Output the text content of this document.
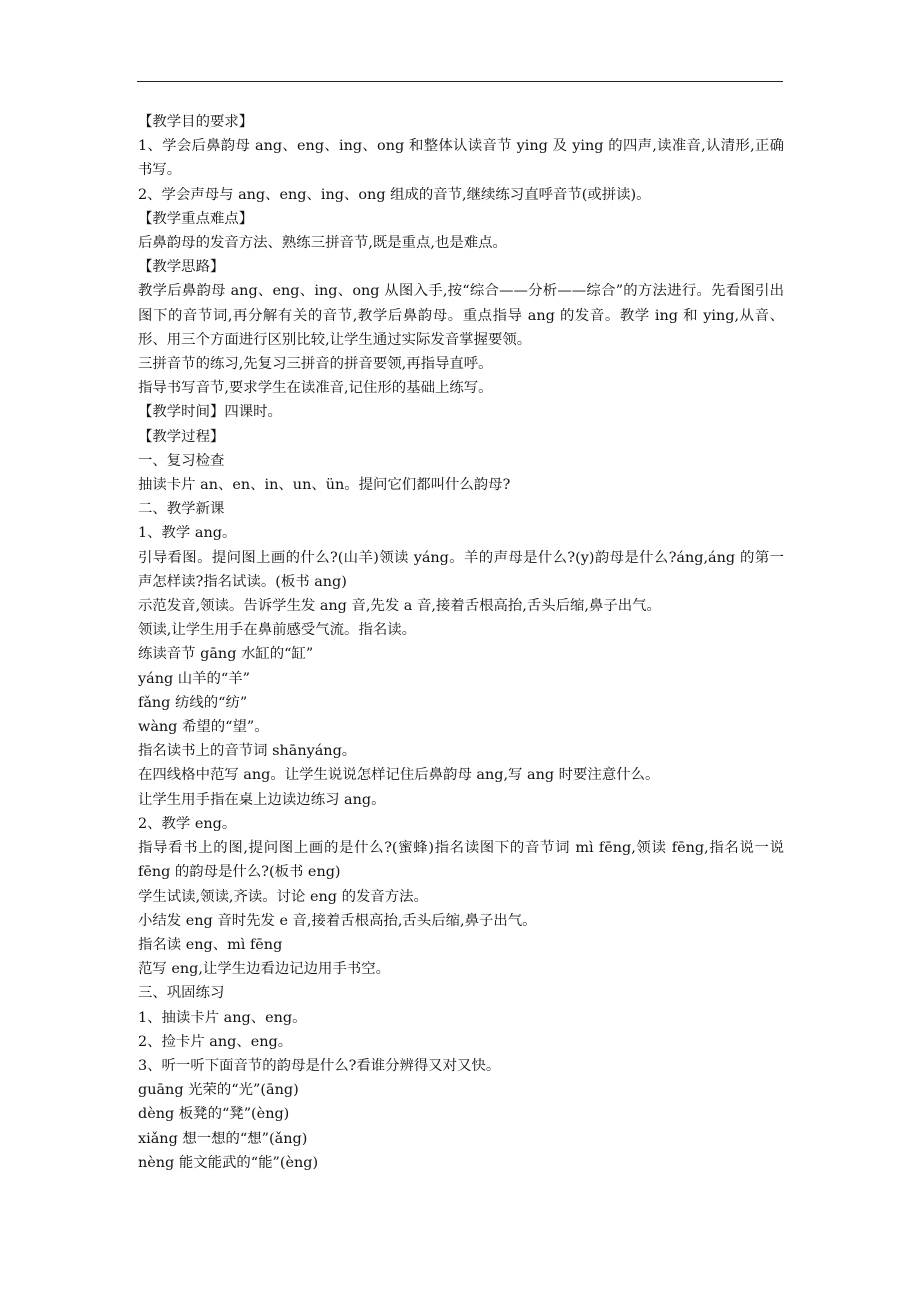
【教学目的要求】

1、学会后鼻韵母 ang、eng、ing、ong 和整体认读音节 ying 及 ying 的四声,读准音,认清形,正确书写。

2、学会声母与 ang、eng、ing、ong 组成的音节,继续练习直呼音节(或拼读)。

【教学重点难点】

后鼻韵母的发音方法、熟练三拼音节,既是重点,也是难点。

【教学思路】

教学后鼻韵母 ang、eng、ing、ong 从图入手,按“综合——分析——综合”的方法进行。先看图引出图下的音节词,再分解有关的音节,教学后鼻韵母。重点指导 ang 的发音。教学 ing 和 ying,从音、形、用三个方面进行区别比较,让学生通过实际发音掌握要领。

三拼音节的练习,先复习三拼音的拼音要领,再指导直呼。

指导书写音节,要求学生在读准音,记住形的基础上练写。

【教学时间】四课时。

【教学过程】

一、复习检查

抽读卡片 an、en、in、un、ün。提问它们都叫什么韵母?

二、教学新课

1、教学 ang。

引导看图。提问图上画的什么?(山羊)领读 yáng。羊的声母是什么?(y)韵母是什么?áng,áng 的第一声怎样读?指名试读。(板书 ang)

示范发音,领读。告诉学生发 ang 音,先发 a 音,接着舌根高抬,舌头后缩,鼻子出气。

领读,让学生用手在鼻前感受气流。指名读。

练读音节 gāng 水缸的“缸”

yáng 山羊的“羊”

fǎng 纺线的“纺”

wàng 希望的“望”。

指名读书上的音节词 shānyáng。

在四线格中范写 ang。让学生说说怎样记住后鼻韵母 ang,写 ang 时要注意什么。

让学生用手指在桌上边读边练习 ang。

2、教学 eng。

指导看书上的图,提问图上画的是什么?(蜜蜂)指名读图下的音节词 mì fēng,领读 fēng,指名说一说 fēng 的韵母是什么?(板书 eng)

学生试读,领读,齐读。讨论 eng 的发音方法。

小结发 eng 音时先发 e 音,接着舌根高抬,舌头后缩,鼻子出气。

指名读 eng、mì fēng

范写 eng,让学生边看边记边用手书空。

三、巩固练习

1、抽读卡片 ang、eng。

2、捡卡片 ang、eng。

3、听一听下面音节的韵母是什么?看谁分辨得又对又快。

guāng 光荣的“光”(āng)

dèng 板凳的“凳”(èng)

xiǎng 想一想的“想”(ǎng)

nèng 能文能武的“能”(èng)
